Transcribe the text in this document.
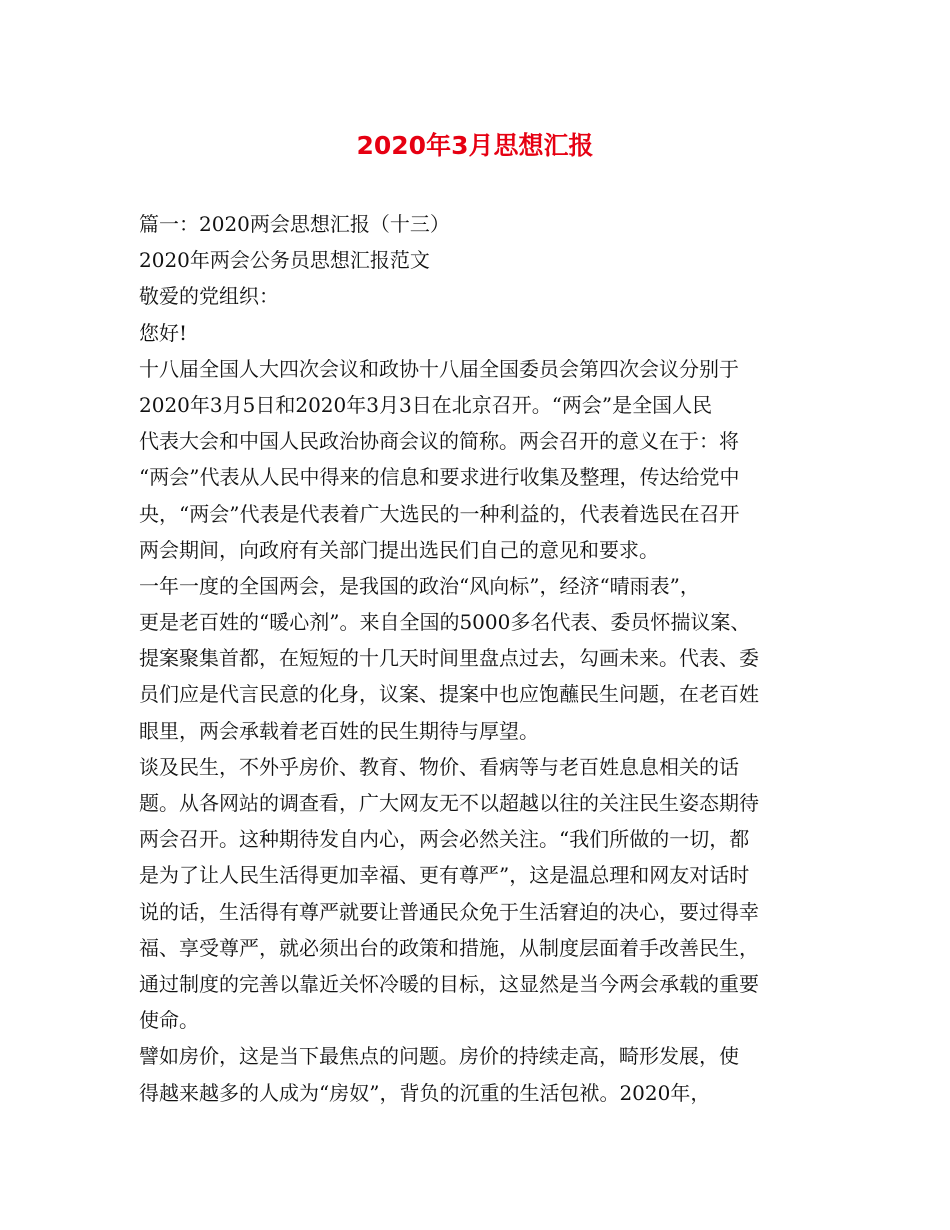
2020年3月思想汇报
篇一：2020两会思想汇报（十三）
2020年两会公务员思想汇报范文
敬爱的党组织：
您好!
十八届全国人大四次会议和政协十八届全国委员会第四次会议分别于
2020年3月5日和2020年3月3日在北京召开。“两会”是全国人民
代表大会和中国人民政治协商会议的简称。两会召开的意义在于：将
“两会”代表从人民中得来的信息和要求进行收集及整理，传达给党中
央，“两会”代表是代表着广大选民的一种利益的，代表着选民在召开
两会期间，向政府有关部门提出选民们自己的意见和要求。
一年一度的全国两会，是我国的政治“风向标”，经济“晴雨表”，
更是老百姓的“暖心剂”。来自全国的5000多名代表、委员怀揣议案、
提案聚集首都，在短短的十几天时间里盘点过去，勾画未来。代表、委
员们应是代言民意的化身，议案、提案中也应饱蘸民生问题，在老百姓
眼里，两会承载着老百姓的民生期待与厚望。
谈及民生，不外乎房价、教育、物价、看病等与老百姓息息相关的话
题。从各网站的调查看，广大网友无不以超越以往的关注民生姿态期待
两会召开。这种期待发自内心，两会必然关注。“我们所做的一切，都
是为了让人民生活得更加幸福、更有尊严”，这是温总理和网友对话时
说的话，生活得有尊严就要让普通民众免于生活窘迫的决心，要过得幸
福、享受尊严，就必须出台的政策和措施，从制度层面着手改善民生，
通过制度的完善以靠近关怀冷暖的目标，这显然是当今两会承载的重要
使命。
譬如房价，这是当下最焦点的问题。房价的持续走高，畸形发展，使
得越来越多的人成为“房奴”，背负的沉重的生活包袱。2020年，
